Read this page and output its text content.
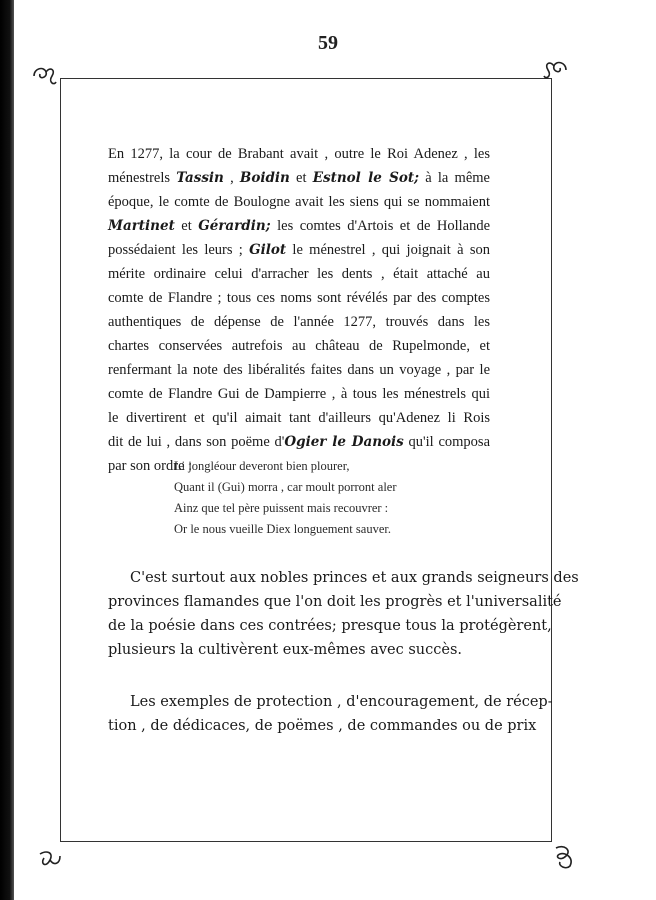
59

En 1277, la cour de Brabant avait , outre le Roi Adenez , les
ménestrels Tassin , Boidin et Estnol le Sot; à la même
époque, le comte de Boulogne avait les siens qui se nommaient
Martinet et Gérardin; les comtes d'Artois et de Hollande
possédaient les leurs ; Gilot le ménestrel , qui joignait à son
mérite ordinaire celui d'arracher les dents , était attaché au
comte de Flandre ; tous ces noms sont révélés par des comptes
authentiques de dépense de l'année 1277, trouvés dans les
chartes conservées autrefois au château de Rupelmonde, et
renfermant la note des libéralités faites dans un voyage , par le
comte de Flandre Gui de Dampierre , à tous les ménestrels qui
le divertirent et qu'il aimait tant d'ailleurs qu'Adenez li Rois
dit de lui , dans son poëme d'Ogier le Danois qu'il composa
par son ordre :

Li jongléour deveront bien plourer,
Quant il (Gui) morra , car moult porront aler
Ainz que tel père puissent mais recouvrer :
Or le nous vueille Diex longuement sauver.

C'est surtout aux nobles princes et aux grands seigneurs des
provinces flamandes que l'on doit les progrès et l'universalité
de la poésie dans ces contrées; presque tous la protégèrent,
plusieurs la cultivèrent eux-mêmes avec succès.

Les exemples de protection , d'encouragement, de récep-
tion , de dédicaces, de poëmes , de commandes ou de prix
